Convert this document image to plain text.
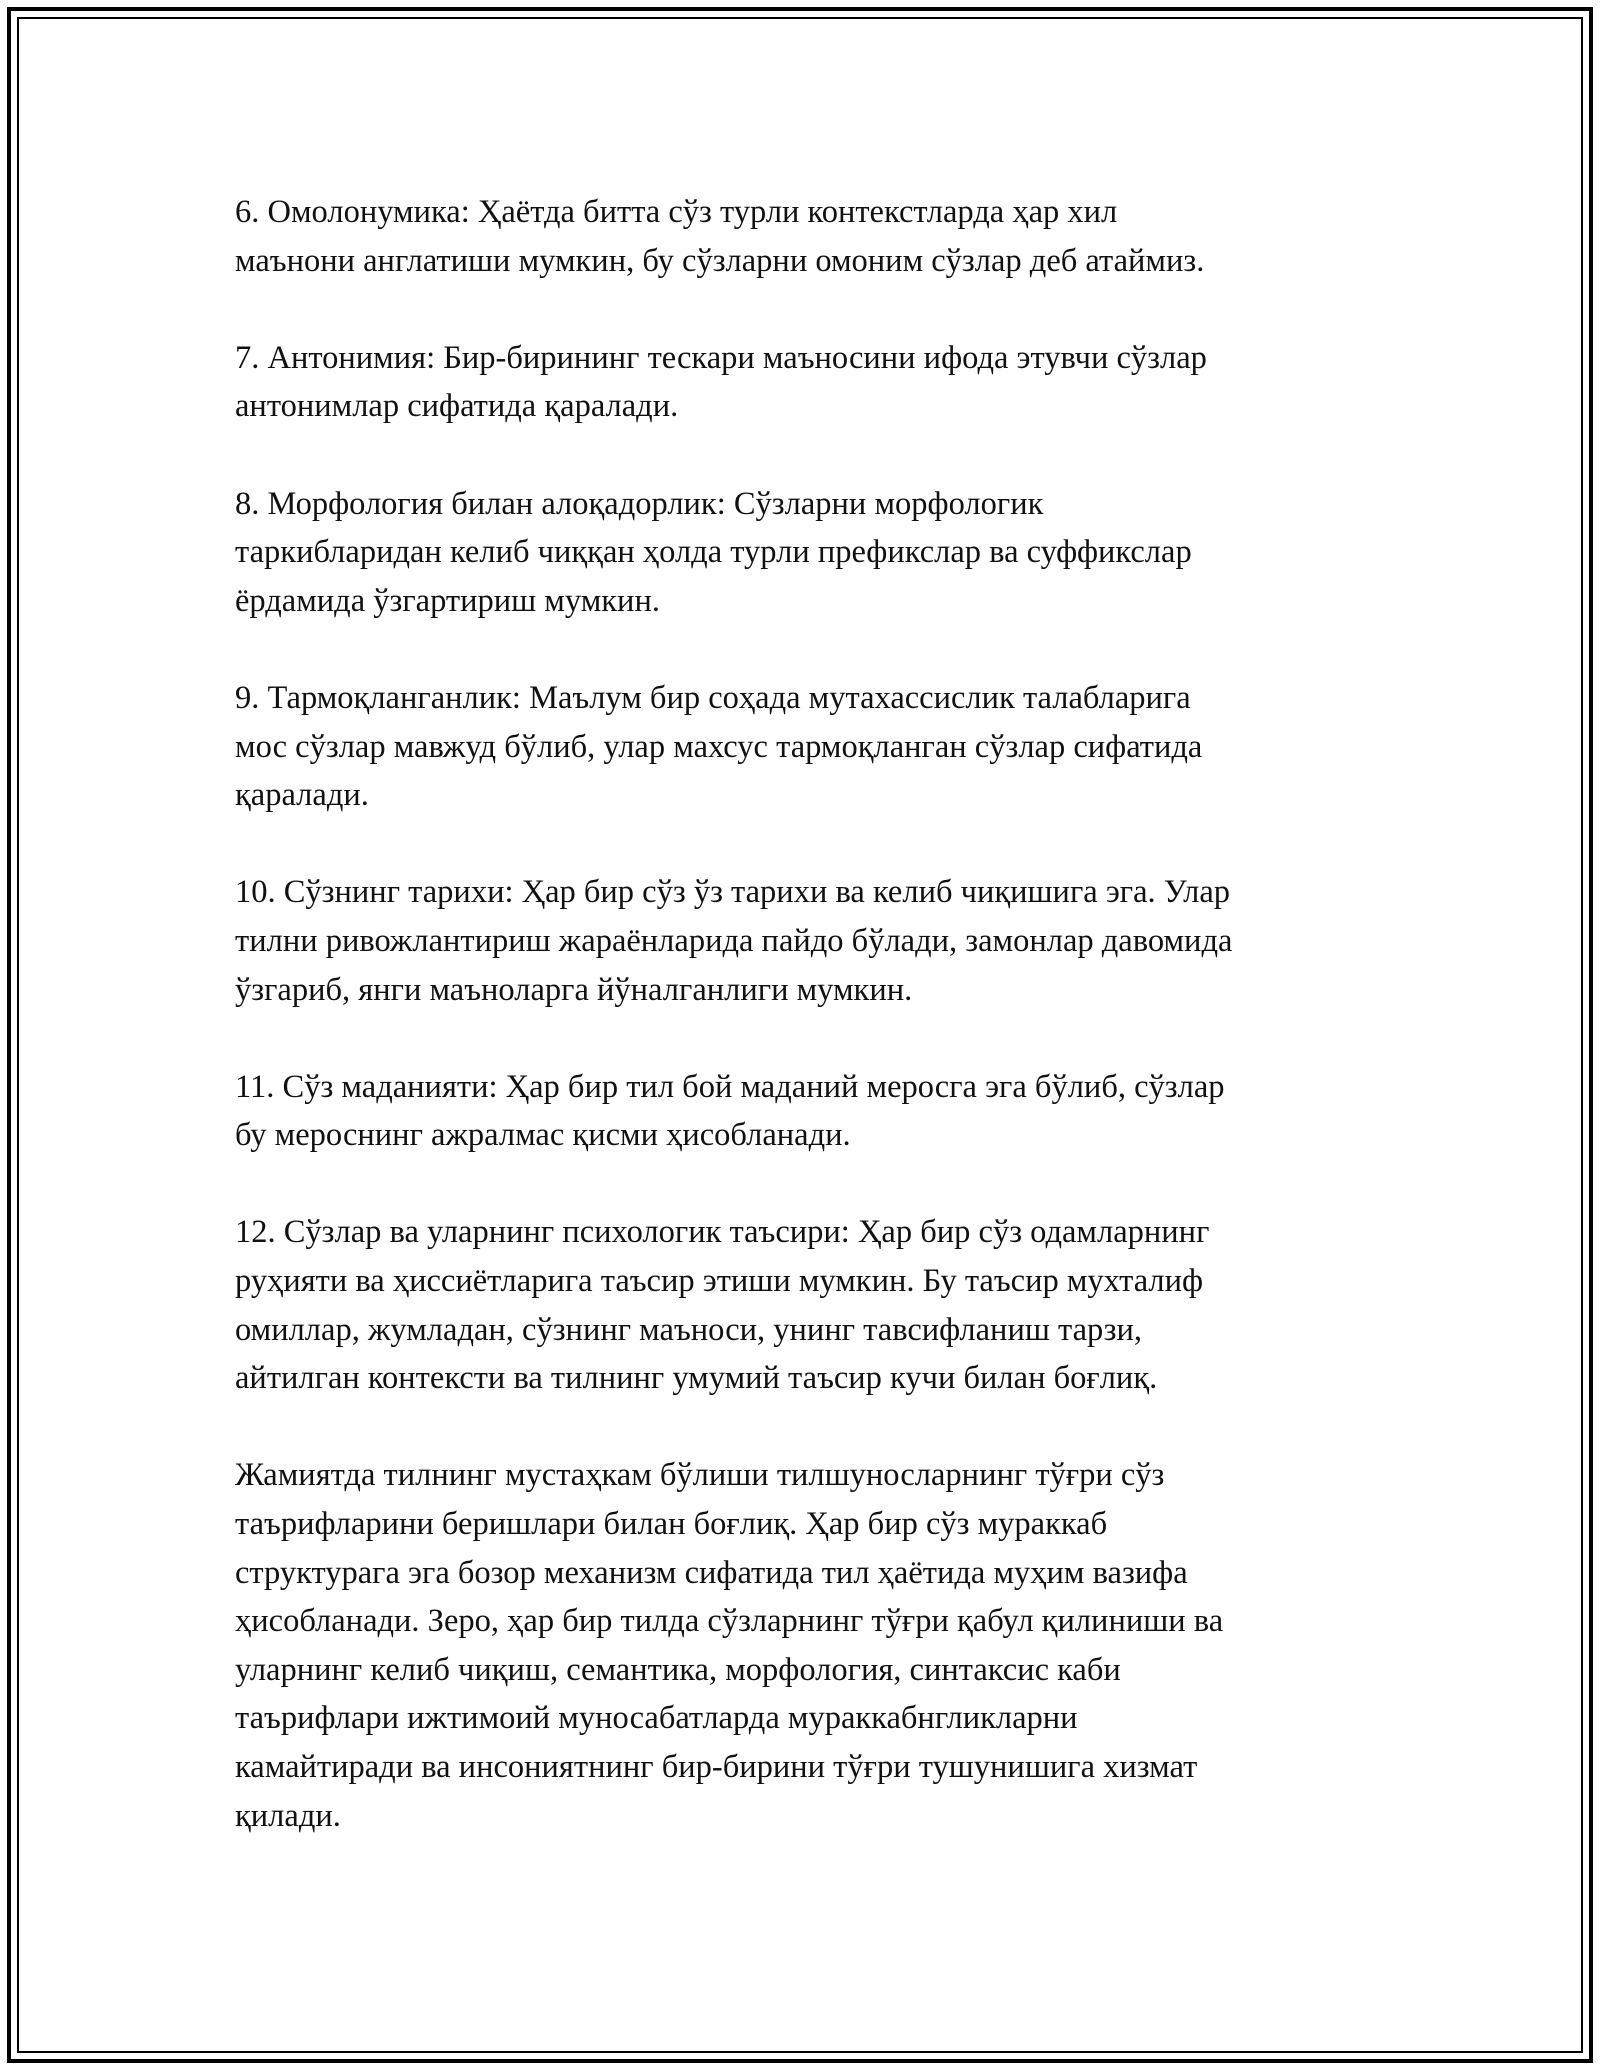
6. Омолонумика: Ҳаётда битта сўз турли контекстларда ҳар хил
маънони англатиши мумкин, бу сўзларни омоним сўзлар деб атаймиз.

7. Антонимия: Бир-бирининг тескари маъносини ифода этувчи сўзлар
антонимлар сифатида қаралади.

8. Морфология билан алоқадорлик: Сўзларни морфологик
таркибларидан келиб чиққан ҳолда турли префикслар ва суффикслар
ёрдамида ўзгартириш мумкин.

9. Тармоқланганлик: Маълум бир соҳада мутахассислик талабларига
мос сўзлар мавжуд бўлиб, улар махсус тармоқланган сўзлар сифатида
қаралади.

10. Сўзнинг тарихи: Ҳар бир сўз ўз тарихи ва келиб чиқишига эга. Улар
тилни ривожлантириш жараёнларида пайдо бўлади, замонлар давомида
ўзгариб, янги маъноларга йўналганлиги мумкин.

11. Сўз маданияти: Ҳар бир тил бой маданий меросга эга бўлиб, сўзлар
бу мероснинг ажралмас қисми ҳисобланади.

12. Сўзлар ва уларнинг психологик таъсири: Ҳар бир сўз одамларнинг
руҳияти ва ҳиссиётларига таъсир этиши мумкин. Бу таъсир мухталиф
омиллар, жумладан, сўзнинг маъноси, унинг тавсифланиш тарзи,
айтилган контексти ва тилнинг умумий таъсир кучи билан боғлиқ.

Жамиятда тилнинг мустаҳкам бўлиши тилшуносларнинг тўғри сўз
таърифларини беришлари билан боғлиқ. Ҳар бир сўз мураккаб
структурага эга бозор механизм сифатида тил ҳаётида муҳим вазифа
ҳисобланади. Зеро, ҳар бир тилда сўзларнинг тўғри қабул қилиниши ва
уларнинг келиб чиқиш, семантика, морфология, синтаксис каби
таърифлари ижтимоий муносабатларда мураккабнгликларни
камайтиради ва инсониятнинг бир-бирини тўғри тушунишига хизмат
қилади.
